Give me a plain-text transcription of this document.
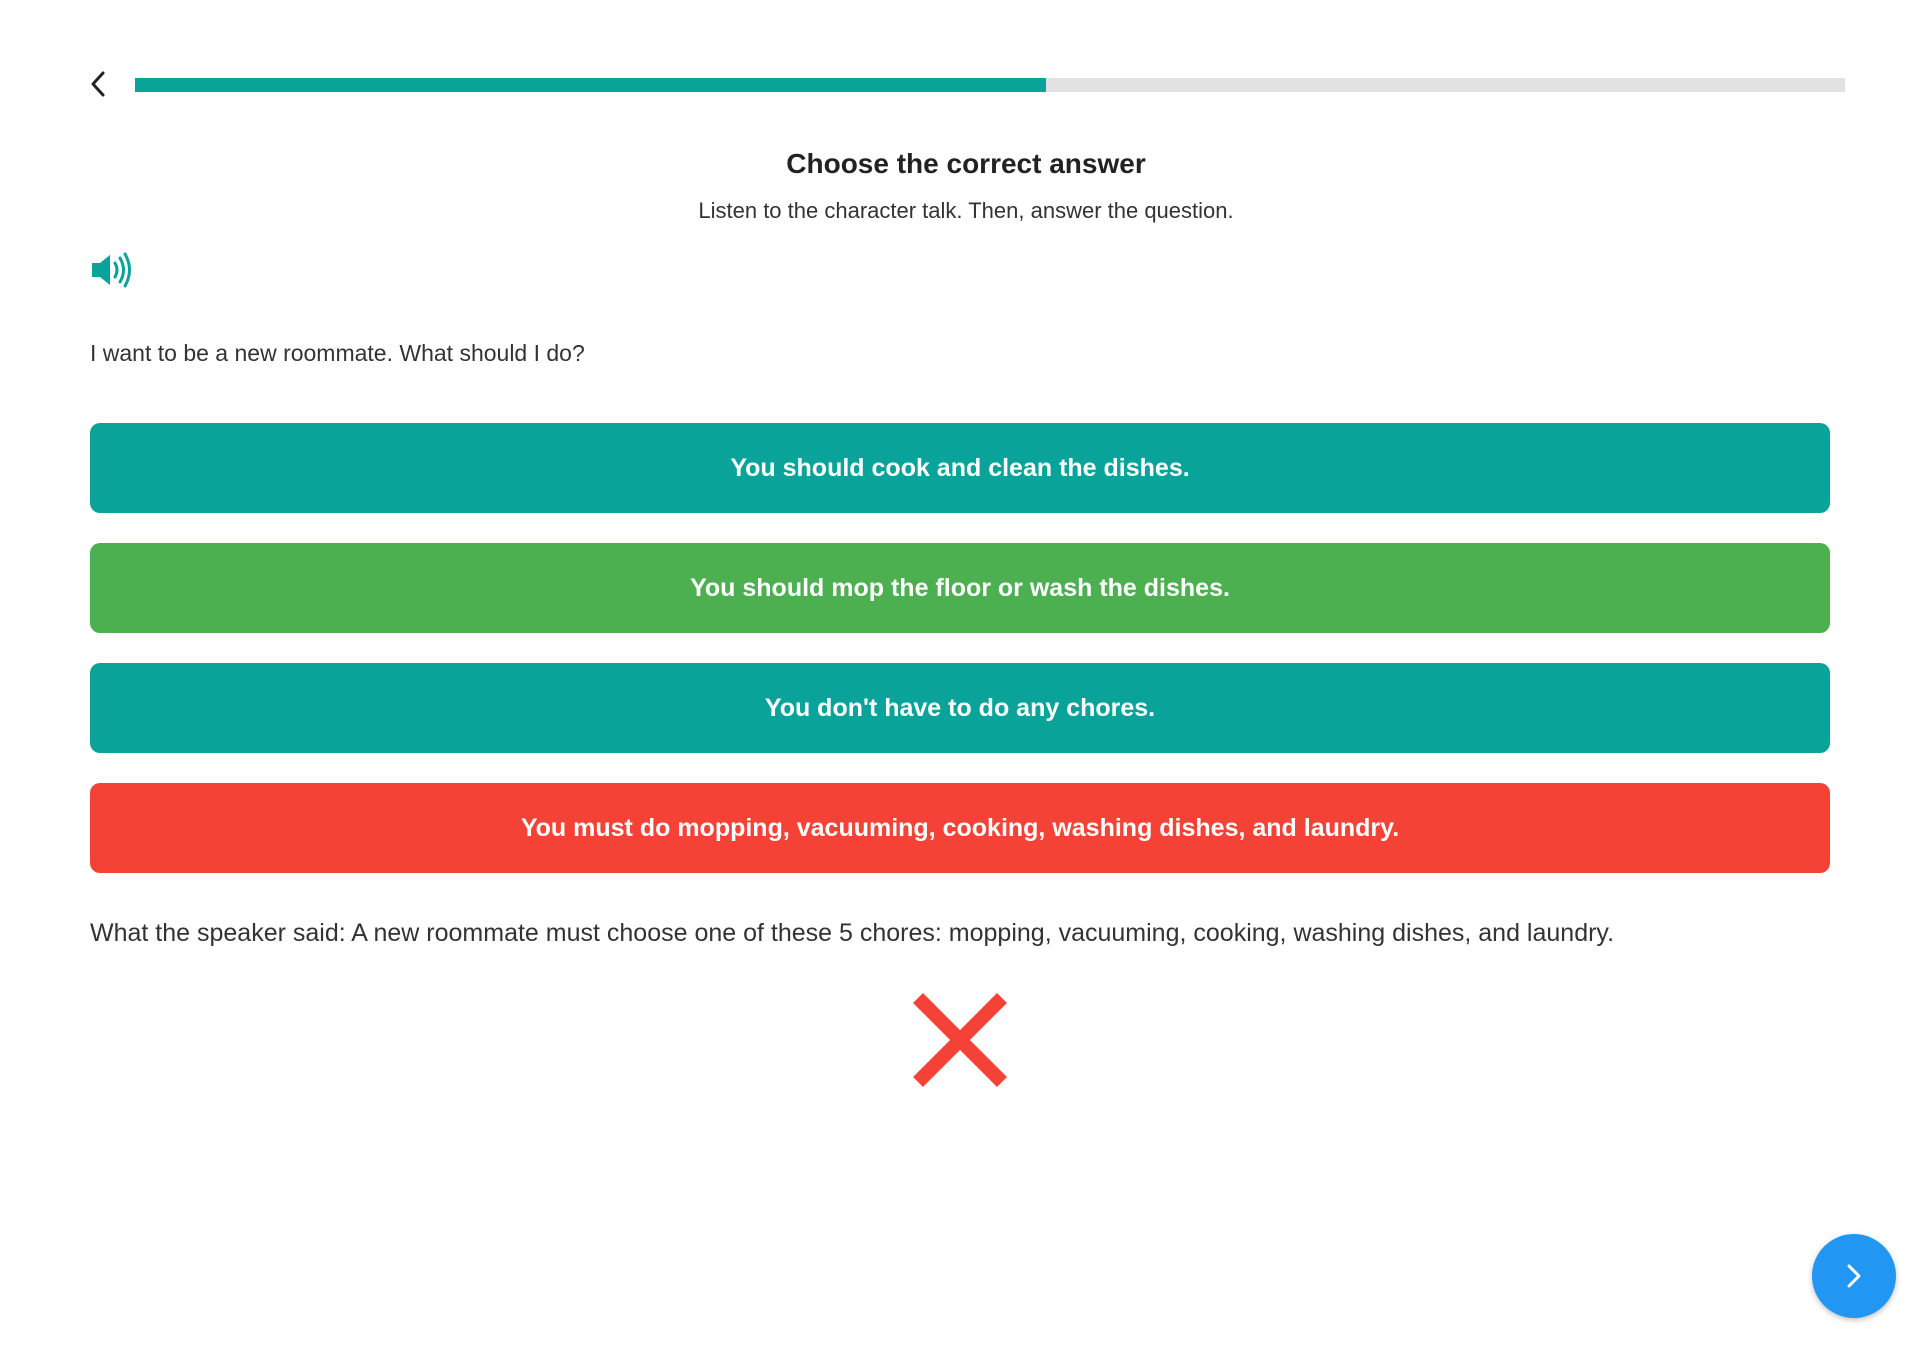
Choose the correct answer
Listen to the character talk. Then, answer the question.
I want to be a new roommate. What should I do?
You should cook and clean the dishes.
You should mop the floor or wash the dishes.
You don't have to do any chores.
You must do mopping, vacuuming, cooking, washing dishes, and laundry.
What the speaker said: A new roommate must choose one of these 5 chores: mopping, vacuuming, cooking, washing dishes, and laundry.
